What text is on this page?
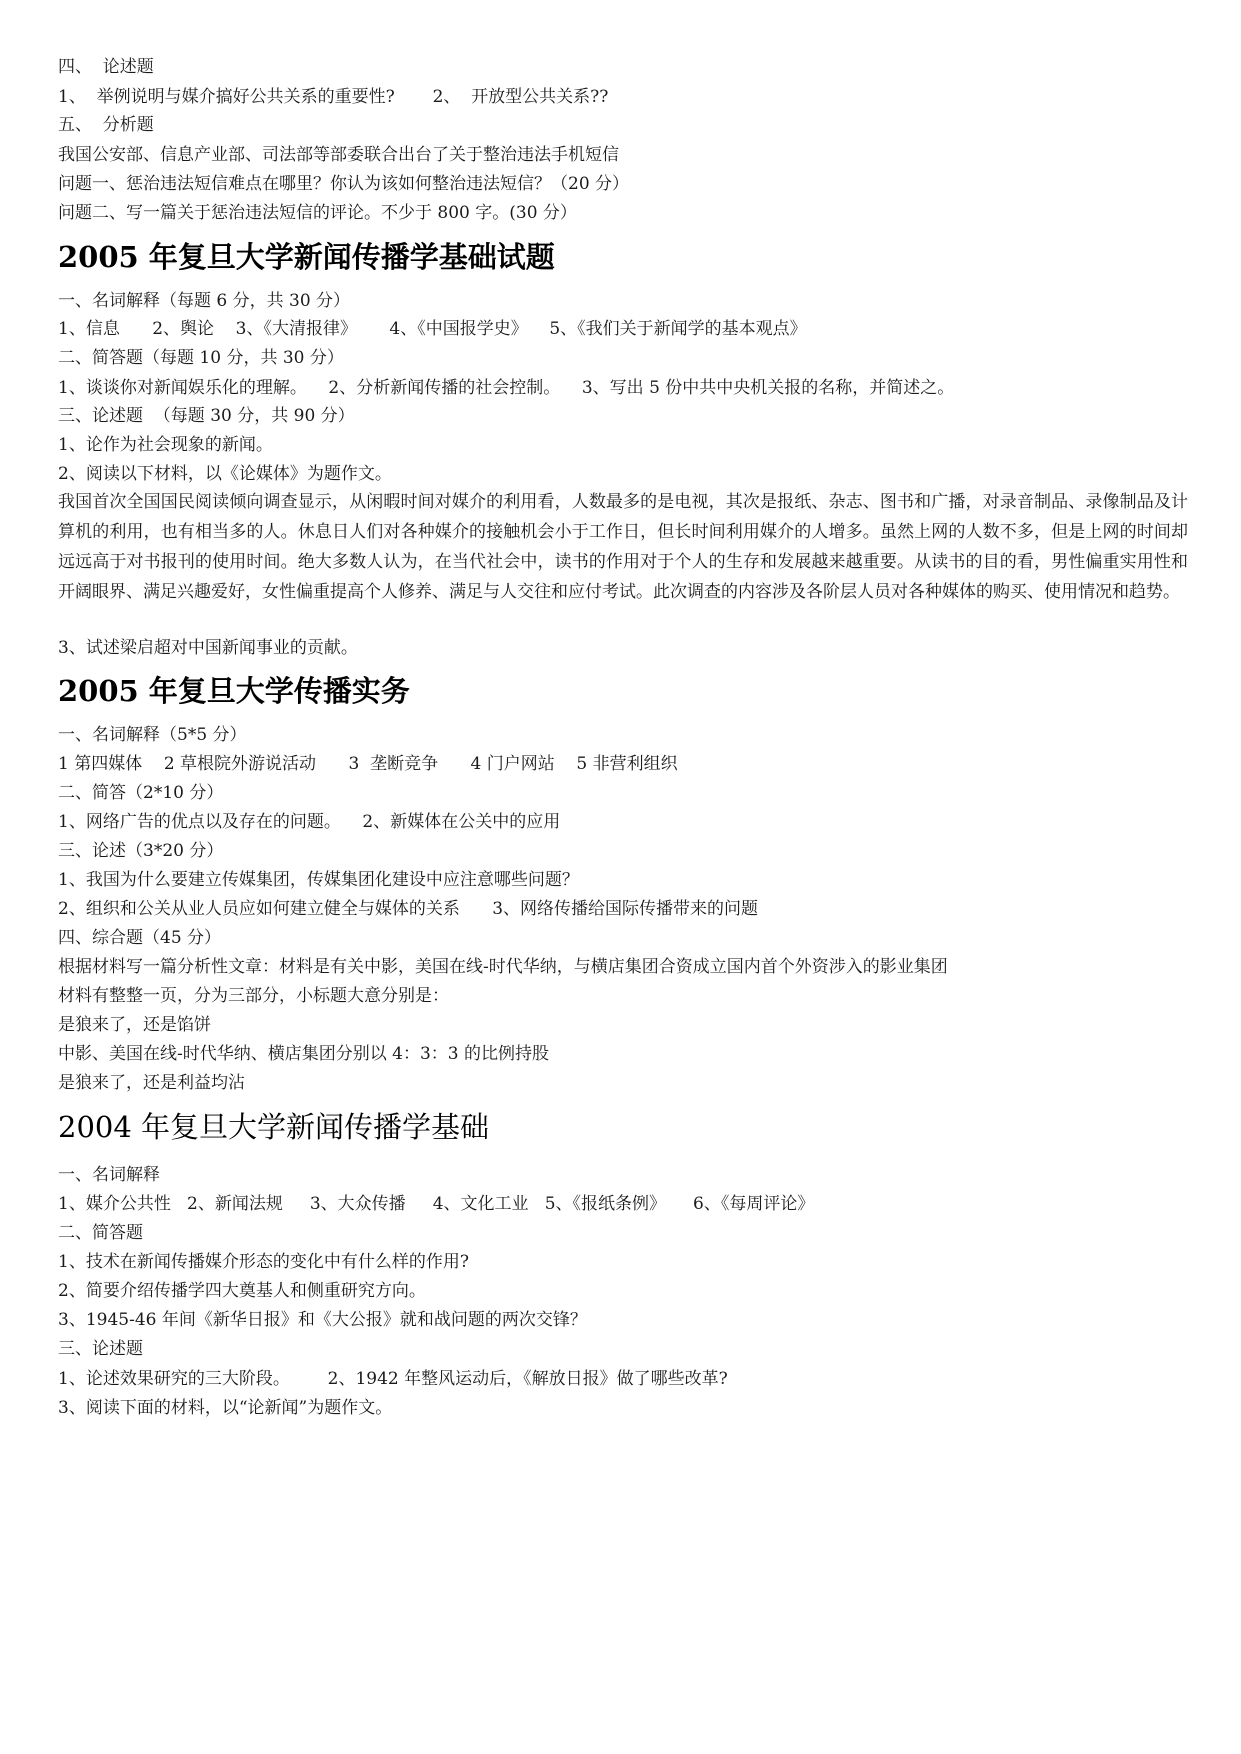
四、  论述题
1、  举例说明与媒介搞好公共关系的重要性?       2、  开放型公共关系??
五、  分析题
我国公安部、信息产业部、司法部等部委联合出台了关于整治违法手机短信
问题一、惩治违法短信难点在哪里？你认为该如何整治违法短信？（20 分）
问题二、写一篇关于惩治违法短信的评论。不少于 800 字。(30 分）
2005 年复旦大学新闻传播学基础试题
一、名词解释（每题 6 分，共 30 分）
1、信息      2、舆论    3、《大清报律》      4、《中国报学史》    5、《我们关于新闻学的基本观点》
二、简答题（每题 10 分，共 30 分）
1、谈谈你对新闻娱乐化的理解。    2、分析新闻传播的社会控制。    3、写出 5 份中共中央机关报的名称，并简述之。
三、论述题  （每题 30 分，共 90 分）
1、论作为社会现象的新闻。
2、阅读以下材料，以《论媒体》为题作文。
我国首次全国国民阅读倾向调查显示，从闲暇时间对媒介的利用看，人数最多的是电视，其次是报纸、杂志、图书和广播，对录音制品、录像制品及计算机的利用，也有相当多的人。休息日人们对各种媒介的接触机会小于工作日，但长时间利用媒介的人增多。虽然上网的人数不多，但是上网的时间却远远高于对书报刊的使用时间。绝大多数人认为，在当代社会中，读书的作用对于个人的生存和发展越来越重要。从读书的目的看，男性偏重实用性和开阔眼界、满足兴趣爱好，女性偏重提高个人修养、满足与人交往和应付考试。此次调查的内容涉及各阶层人员对各种媒体的购买、使用情况和趋势。
3、试述梁启超对中国新闻事业的贡献。
2005 年复旦大学传播实务
一、名词解释（5*5 分）
1 第四媒体    2 草根院外游说活动      3  垄断竞争      4 门户网站    5 非营利组织
二、简答（2*10 分）
1、网络广告的优点以及存在的问题。    2、新媒体在公关中的应用
三、论述（3*20 分）
1、我国为什么要建立传媒集团，传媒集团化建设中应注意哪些问题？
2、组织和公关从业人员应如何建立健全与媒体的关系      3、网络传播给国际传播带来的问题
四、综合题（45 分）
根据材料写一篇分析性文章：材料是有关中影，美国在线-时代华纳，与横店集团合资成立国内首个外资涉入的影业集团
材料有整整一页，分为三部分，小标题大意分别是：
是狼来了，还是馅饼
中影、美国在线-时代华纳、横店集团分别以 4：3：3 的比例持股
是狼来了，还是利益均沾
2004 年复旦大学新闻传播学基础
一、名词解释
1、媒介公共性   2、新闻法规     3、大众传播     4、文化工业   5、《报纸条例》     6、《每周评论》
二、简答题
1、技术在新闻传播媒介形态的变化中有什么样的作用?
2、简要介绍传播学四大奠基人和侧重研究方向。
3、1945-46 年间《新华日报》和《大公报》就和战问题的两次交锋？
三、论述题
1、论述效果研究的三大阶段。       2、1942 年整风运动后，《解放日报》做了哪些改革?
3、阅读下面的材料，以“论新闻”为题作文。
